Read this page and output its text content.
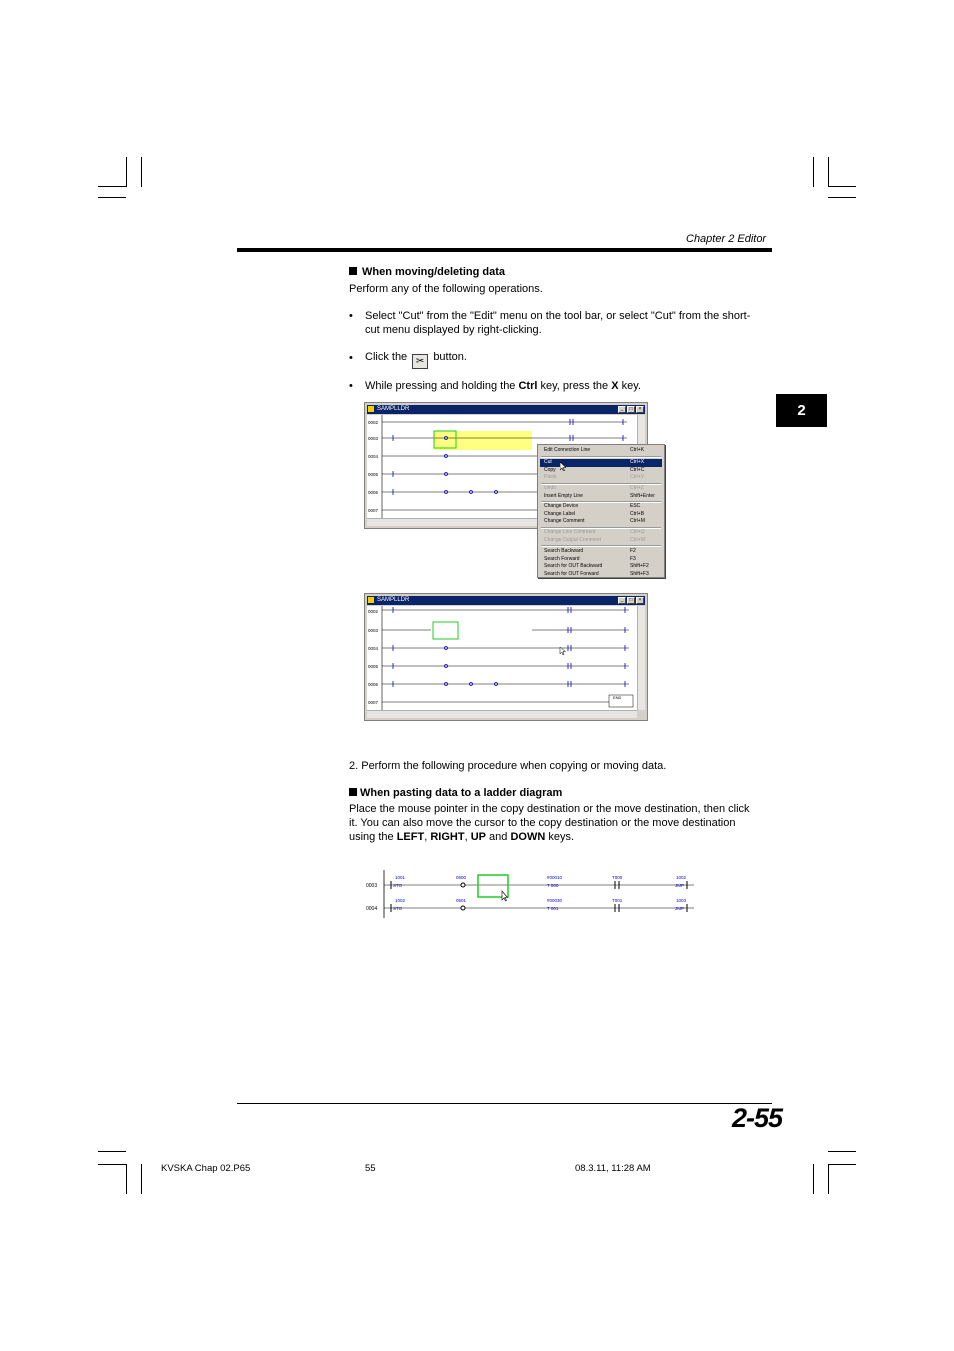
Chapter 2 Editor
2
When moving/deleting data
Perform any of the following operations.
• Select "Cut" from the "Edit" menu on the tool bar, or select "Cut" from the short-
cut menu displayed by right-clicking.
• Click the ✂ button.
• While pressing and holding the Ctrl key, press the X key.
SAMPLLDR	_	□	×
0002
0003
0004
0005
0006
0007
Edit Connection Line	Ctrl+K
Cut	Ctrl+X
Copy	Ctrl+C
Paste	Ctrl+V
Undo	Ctrl+Z
Insert Empty Line	Shift+Enter
Change Device	ESC
Change Label	Ctrl+B
Change Comment	Ctrl+M
Change Line Comment	Ctrl+Q
Change Output Comment	Ctrl+W
Search Backward	F2
Search Forward	F3
Search for OUT Backward	Shift+F2
Search for OUT Forward	Shift+F3
SAMPLLDR	_	□	×
0002
0003
0004
0005
0006
0007
END
2. Perform the following procedure when copying or moving data.
When pasting data to a ladder diagram
Place the mouse pointer in the copy destination or the move destination, then click
it. You can also move the cursor to the copy destination or the move destination
using the LEFT, RIGHT, UP and DOWN keys.
0003
0004
1001
STO
0500	#00010
T 000
T000	1002
JMP
1002
STO
0501	#00030
T 001
T001	1003
JMP
2-55
KVSKA Chap 02.P65	55	08.3.11, 11:28 AM
